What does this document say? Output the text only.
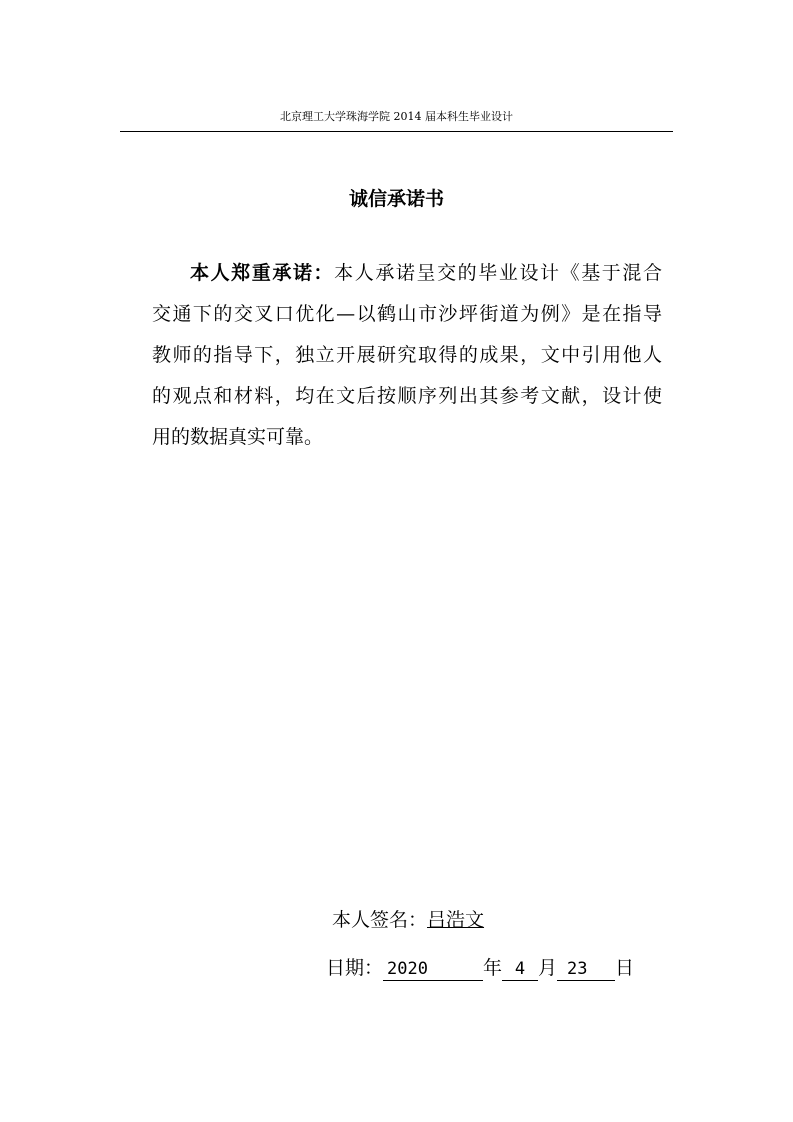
北京理工大学珠海学院 2014 届本科生毕业设计
诚信承诺书
本人郑重承诺：本人承诺呈交的毕业设计《基于混合
交通下的交叉口优化—以鹤山市沙坪街道为例》是在指导
教师的指导下，独立开展研究取得的成果，文中引用他人
的观点和材料，均在文后按顺序列出其参考文献，设计使
用的数据真实可靠。
本人签名：吕浩文
日期： 2020	年 4 月 23 日
